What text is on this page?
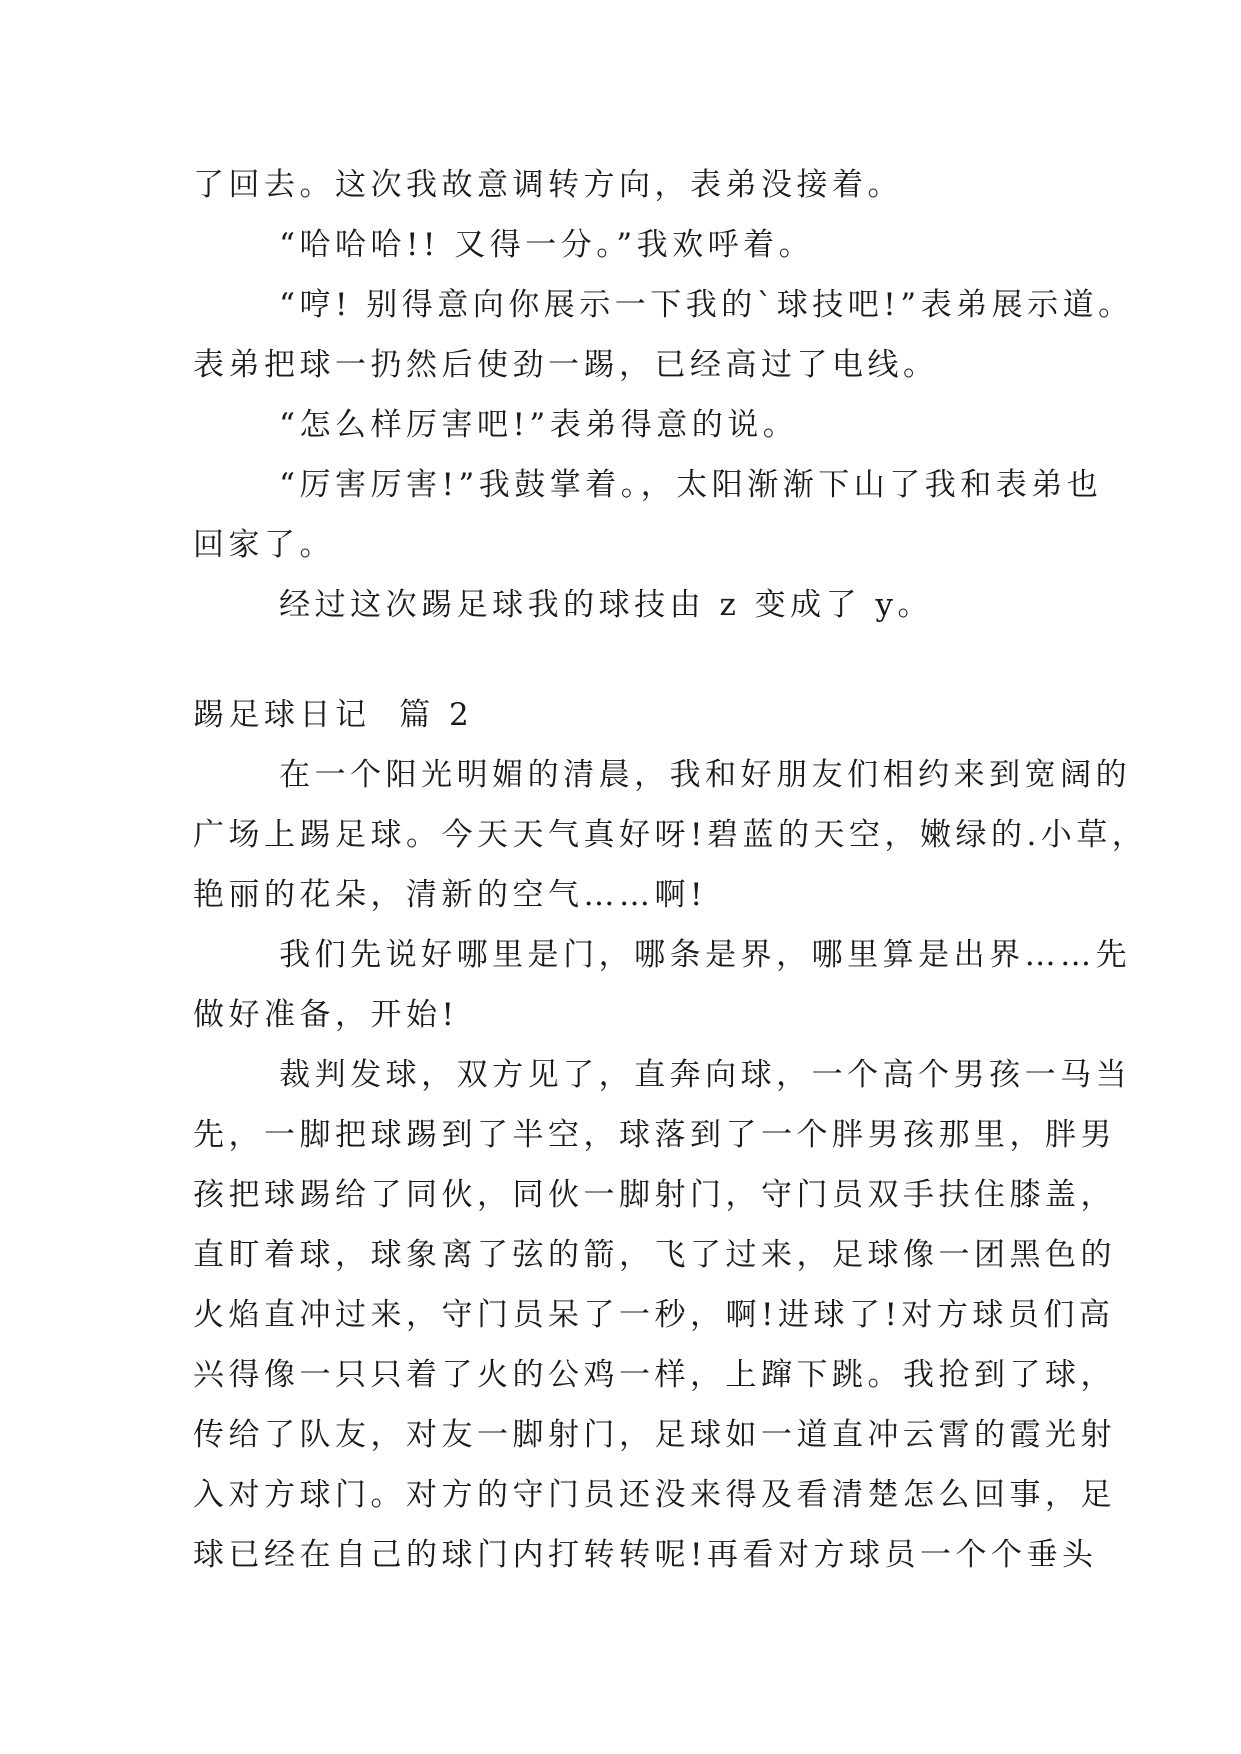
了回去。这次我故意调转方向，表弟没接着。
“哈哈哈!! 又得一分。”我欢呼着。
“哼! 别得意向你展示一下我的`球技吧!”表弟展示道。
表弟把球一扔然后使劲一踢，已经高过了电线。
“怎么样厉害吧!”表弟得意的说。
“厉害厉害!”我鼓掌着。，太阳渐渐下山了我和表弟也
回家了。
经过这次踢足球我的球技由 z 变成了 y。
踢足球日记  篇 2
在一个阳光明媚的清晨，我和好朋友们相约来到宽阔的
广场上踢足球。今天天气真好呀!碧蓝的天空，嫩绿的.小草，
艳丽的花朵，清新的空气……啊!
我们先说好哪里是门，哪条是界，哪里算是出界……先
做好准备，开始!
裁判发球，双方见了，直奔向球，一个高个男孩一马当
先，一脚把球踢到了半空，球落到了一个胖男孩那里，胖男
孩把球踢给了同伙，同伙一脚射门，守门员双手扶住膝盖，
直盯着球，球象离了弦的箭，飞了过来，足球像一团黑色的
火焰直冲过来，守门员呆了一秒，啊!进球了!对方球员们高
兴得像一只只着了火的公鸡一样，上蹿下跳。我抢到了球，
传给了队友，对友一脚射门，足球如一道直冲云霄的霞光射
入对方球门。对方的守门员还没来得及看清楚怎么回事，足
球已经在自己的球门内打转转呢!再看对方球员一个个垂头
